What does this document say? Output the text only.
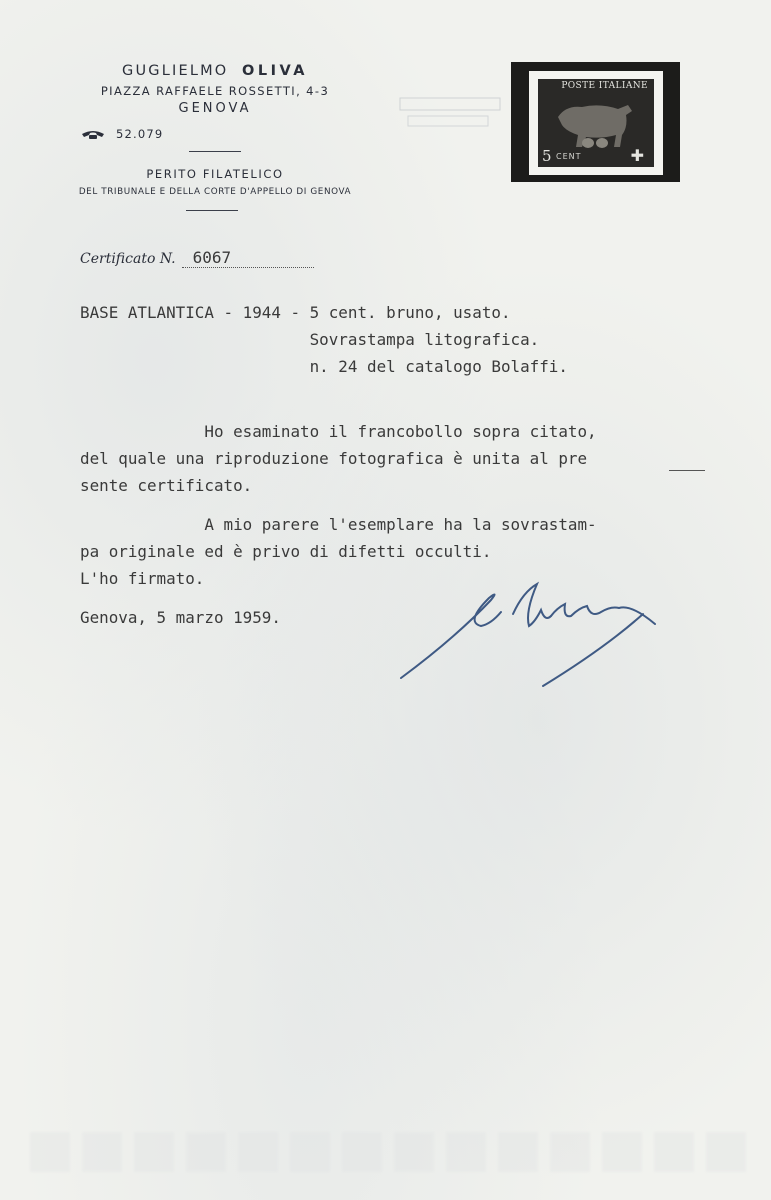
GUGLIELMO OLIVA
PIAZZA RAFFAELE ROSSETTI, 4-3
GENOVA
52.079
PERITO FILATELICO
DEL TRIBUNALE E DELLA CORTE D'APPELLO DI GENOVA
POSTE ITALIANE
5 CENT	✚
Certificato N.	6067
BASE ATLANTICA - 1944 - 5 cent. bruno, usato.
Sovrastampa litografica.
n. 24 del catalogo Bolaffi.
Ho esaminato il francobollo sopra citato,
del quale una riproduzione fotografica è unita al pre
sente certificato.
A mio parere l'esemplare ha la sovrastam-
pa originale ed è privo di difetti occulti.
L'ho firmato.
Genova, 5 marzo 1959.
